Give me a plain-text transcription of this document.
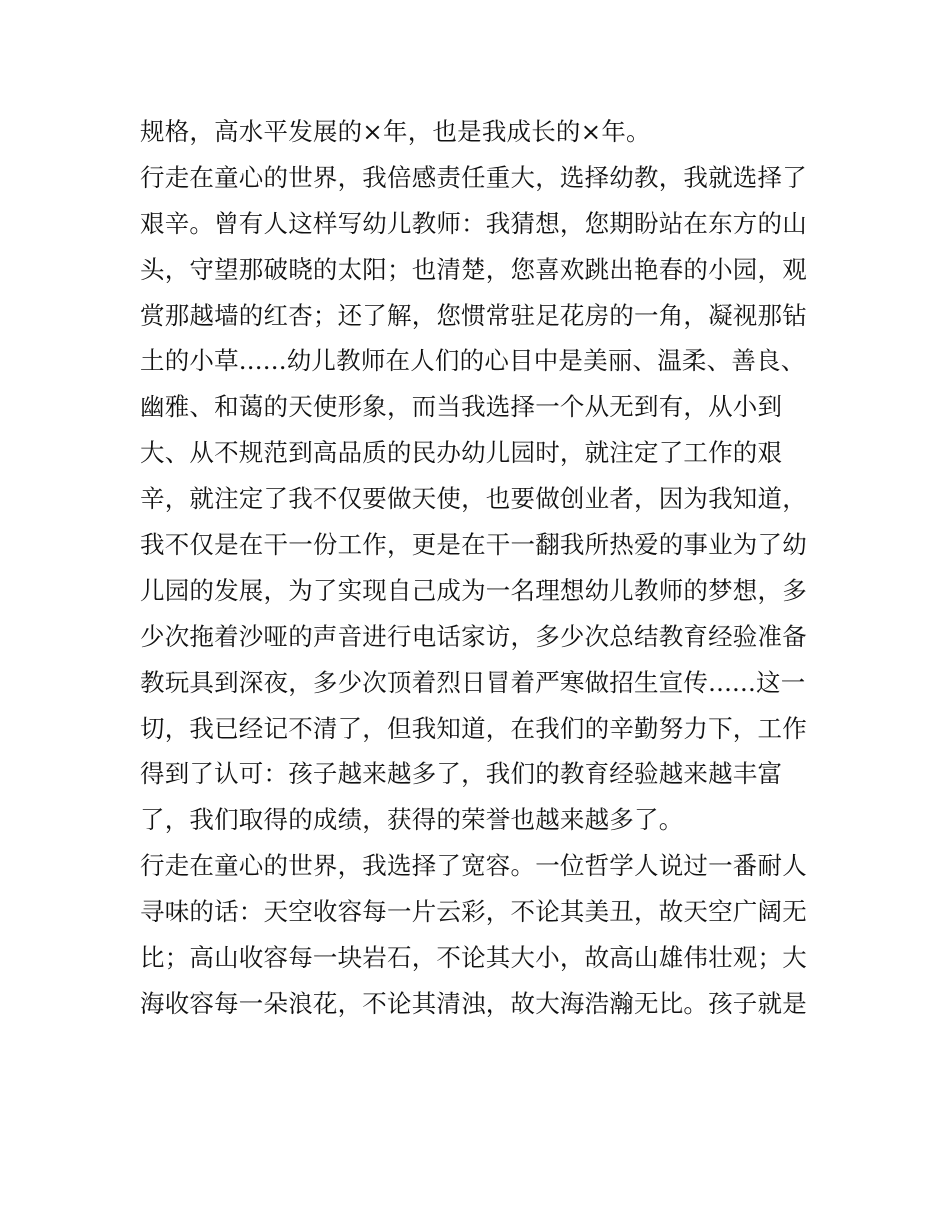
规格，高水平发展的×年，也是我成长的×年。
行走在童心的世界，我倍感责任重大，选择幼教，我就选择了
艰辛。曾有人这样写幼儿教师：我猜想，您期盼站在东方的山
头，守望那破晓的太阳；也清楚，您喜欢跳出艳春的小园，观
赏那越墙的红杏；还了解，您惯常驻足花房的一角，凝视那钻
土的小草......幼儿教师在人们的心目中是美丽、温柔、善良、
幽雅、和蔼的天使形象，而当我选择一个从无到有，从小到
大、从不规范到高品质的民办幼儿园时，就注定了工作的艰
辛，就注定了我不仅要做天使，也要做创业者，因为我知道，
我不仅是在干一份工作，更是在干一翻我所热爱的事业为了幼
儿园的发展，为了实现自己成为一名理想幼儿教师的梦想，多
少次拖着沙哑的声音进行电话家访，多少次总结教育经验准备
教玩具到深夜，多少次顶着烈日冒着严寒做招生宣传......这一
切，我已经记不清了，但我知道，在我们的辛勤努力下，工作
得到了认可：孩子越来越多了，我们的教育经验越来越丰富
了，我们取得的成绩，获得的荣誉也越来越多了。
行走在童心的世界，我选择了宽容。一位哲学人说过一番耐人
寻味的话：天空收容每一片云彩，不论其美丑，故天空广阔无
比；高山收容每一块岩石，不论其大小，故高山雄伟壮观；大
海收容每一朵浪花，不论其清浊，故大海浩瀚无比。孩子就是
